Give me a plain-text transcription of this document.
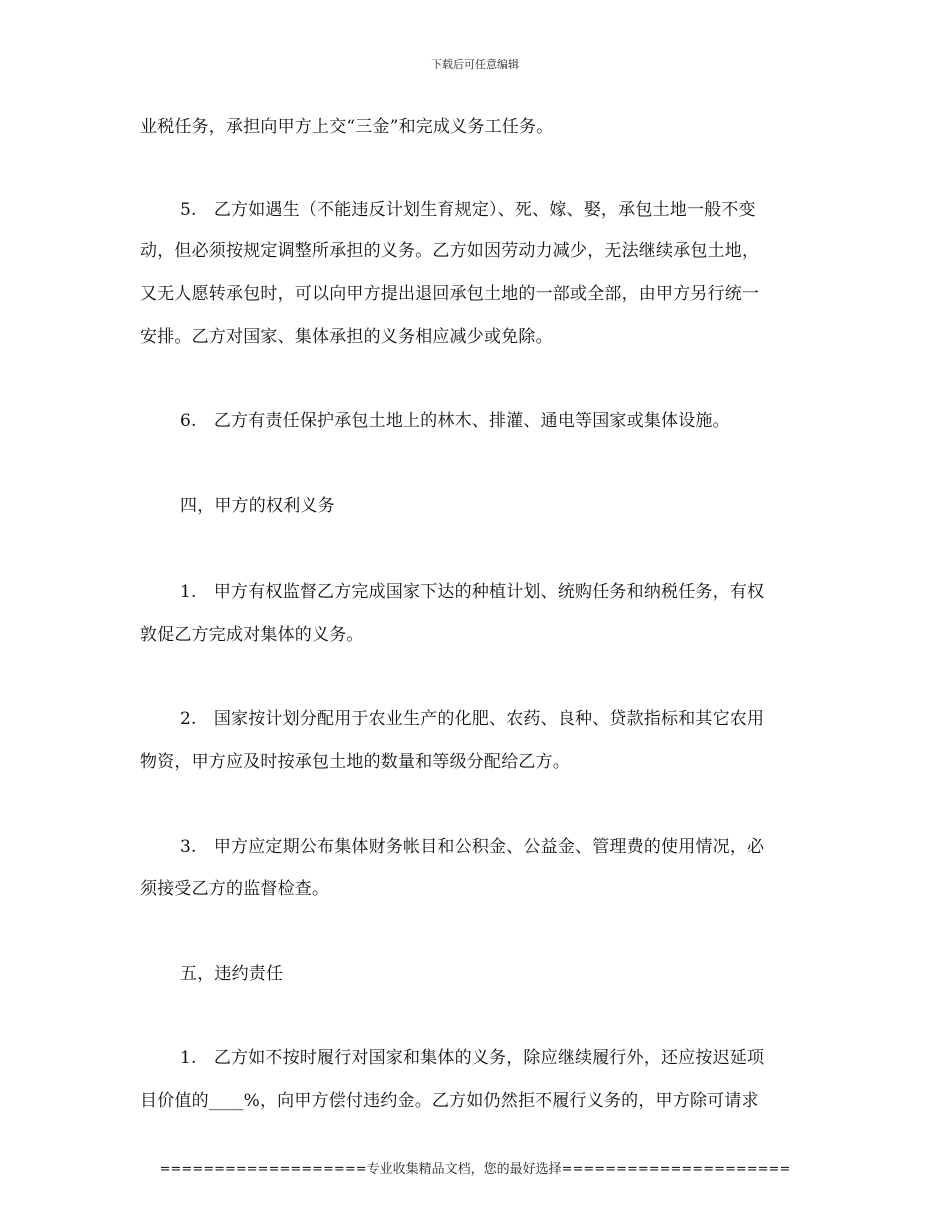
下载后可任意编辑
业税任务，承担向甲方上交“三金”和完成义务工任务。
5.　乙方如遇生（不能违反计划生育规定）、死、嫁、娶，承包土地一般不变
动，但必须按规定调整所承担的义务。乙方如因劳动力减少，无法继续承包土地，
又无人愿转承包时，可以向甲方提出退回承包土地的一部或全部，由甲方另行统一
安排。乙方对国家、集体承担的义务相应减少或免除。
6.　乙方有责任保护承包土地上的林木、排灌、通电等国家或集体设施。
四，甲方的权利义务
1.　甲方有权监督乙方完成国家下达的种植计划、统购任务和纳税任务，有权
敦促乙方完成对集体的义务。
2.　国家按计划分配用于农业生产的化肥、农药、良种、贷款指标和其它农用
物资，甲方应及时按承包土地的数量和等级分配给乙方。
3.　甲方应定期公布集体财务帐目和公积金、公益金、管理费的使用情况，必
须接受乙方的监督检查。
五，违约责任
1.　乙方如不按时履行对国家和集体的义务，除应继续履行外，还应按迟延项
目价值的____%，向甲方偿付违约金。乙方如仍然拒不履行义务的，甲方除可请求
===================专业收集精品文档，您的最好选择=====================
